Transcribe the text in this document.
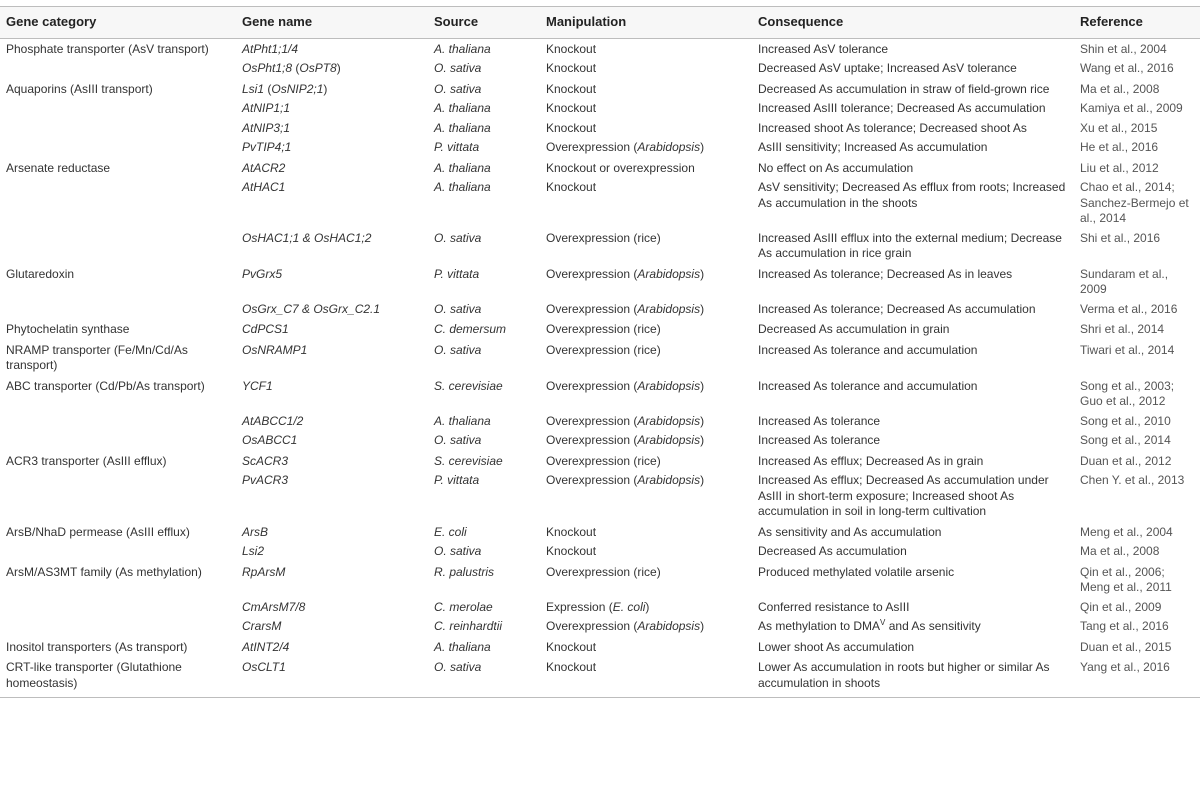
Gene category	Gene name	Source	Manipulation	Consequence	Reference
Phosphate transporter (AsV transport)	AtPht1;1/4	A. thaliana	Knockout	Increased AsV tolerance	Shin et al., 2004
	OsPht1;8 (OsPT8)	O. sativa	Knockout	Decreased AsV uptake; Increased AsV tolerance	Wang et al., 2016
Aquaporins (AsIII transport)	Lsi1 (OsNIP2;1)	O. sativa	Knockout	Decreased As accumulation in straw of field-grown rice	Ma et al., 2008
	AtNIP1;1	A. thaliana	Knockout	Increased AsIII tolerance; Decreased As accumulation	Kamiya et al., 2009
	AtNIP3;1	A. thaliana	Knockout	Increased shoot As tolerance; Decreased shoot As	Xu et al., 2015
	PvTIP4;1	P. vittata	Overexpression (Arabidopsis)	AsIII sensitivity; Increased As accumulation	He et al., 2016
Arsenate reductase	AtACR2	A. thaliana	Knockout or overexpression	No effect on As accumulation	Liu et al., 2012
	AtHAC1	A. thaliana	Knockout	AsV sensitivity; Decreased As efflux from roots; Increased As accumulation in the shoots	Chao et al., 2014; Sanchez-Bermejo et al., 2014
	OsHAC1;1 & OsHAC1;2	O. sativa	Overexpression (rice)	Increased AsIII efflux into the external medium; Decrease As accumulation in rice grain	Shi et al., 2016
Glutaredoxin	PvGrx5	P. vittata	Overexpression (Arabidopsis)	Increased As tolerance; Decreased As in leaves	Sundaram et al., 2009
	OsGrx_C7 & OsGrx_C2.1	O. sativa	Overexpression (Arabidopsis)	Increased As tolerance; Decreased As accumulation	Verma et al., 2016
Phytochelatin synthase	CdPCS1	C. demersum	Overexpression (rice)	Decreased As accumulation in grain	Shri et al., 2014
NRAMP transporter (Fe/Mn/Cd/As transport)	OsNRAMP1	O. sativa	Overexpression (rice)	Increased As tolerance and accumulation	Tiwari et al., 2014
ABC transporter (Cd/Pb/As transport)	YCF1	S. cerevisiae	Overexpression (Arabidopsis)	Increased As tolerance and accumulation	Song et al., 2003; Guo et al., 2012
	AtABCC1/2	A. thaliana	Overexpression (Arabidopsis)	Increased As tolerance	Song et al., 2010
	OsABCC1	O. sativa	Overexpression (Arabidopsis)	Increased As tolerance	Song et al., 2014
ACR3 transporter (AsIII efflux)	ScACR3	S. cerevisiae	Overexpression (rice)	Increased As efflux; Decreased As in grain	Duan et al., 2012
	PvACR3	P. vittata	Overexpression (Arabidopsis)	Increased As efflux; Decreased As accumulation under AsIII in short-term exposure; Increased shoot As accumulation in soil in long-term cultivation	Chen Y. et al., 2013
ArsB/NhaD permease (AsIII efflux)	ArsB	E. coli	Knockout	As sensitivity and As accumulation	Meng et al., 2004
	Lsi2	O. sativa	Knockout	Decreased As accumulation	Ma et al., 2008
ArsM/AS3MT family (As methylation)	RpArsM	R. palustris	Overexpression (rice)	Produced methylated volatile arsenic	Qin et al., 2006; Meng et al., 2011
	CmArsM7/8	C. merolae	Expression (E. coli)	Conferred resistance to AsIII	Qin et al., 2009
	CrarsM	C. reinhardtii	Overexpression (Arabidopsis)	As methylation to $DMA^V$ and As sensitivity	Tang et al., 2016
Inositol transporters (As transport)	AtINT2/4	A. thaliana	Knockout	Lower shoot As accumulation	Duan et al., 2015
CRT-like transporter (Glutathione homeostasis)	OsCLT1	O. sativa	Knockout	Lower As accumulation in roots but higher or similar As accumulation in shoots	Yang et al., 2016
